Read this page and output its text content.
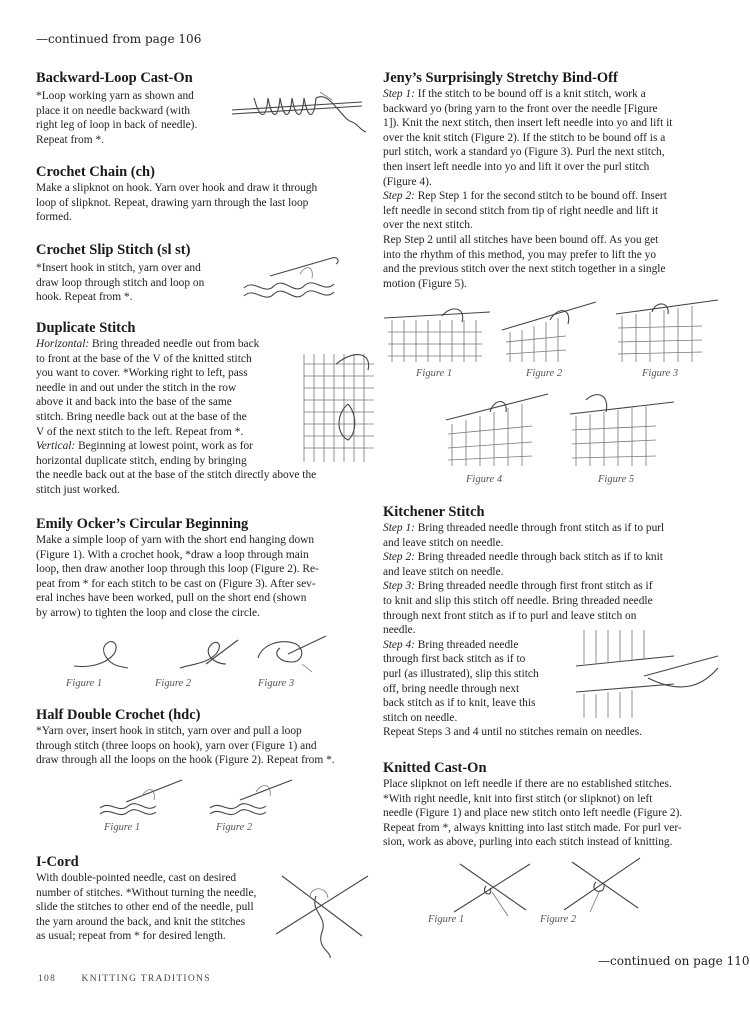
—continued from page 106
Backward-Loop Cast-On

*Loop working yarn as shown and

place it on needle backward (with

right leg of loop in back of needle).

Repeat from *.

Crochet Chain (ch)

Make a slipknot on hook. Yarn over hook and draw it through

loop of slipknot. Repeat, drawing yarn through the last loop

formed.

Crochet Slip Stitch (sl st)

*Insert hook in stitch, yarn over and

draw loop through stitch and loop on

hook. Repeat from *.

Duplicate Stitch

Horizontal: Bring threaded needle out from back

to front at the base of the V of the knitted stitch

you want to cover. *Working right to left, pass

needle in and out under the stitch in the row

above it and back into the base of the same

stitch. Bring needle back out at the base of the

V of the next stitch to the left. Repeat from *.

Vertical: Beginning at lowest point, work as for

horizontal duplicate stitch, ending by bringing

the needle back out at the base of the stitch directly above the

stitch just worked.

Emily Ocker’s Circular Beginning

Make a simple loop of yarn with the short end hanging down

(Figure 1). With a crochet hook, *draw a loop through main

loop, then draw another loop through this loop (Figure 2). Re-

peat from * for each stitch to be cast on (Figure 3). After sev-

eral inches have been worked, pull on the short end (shown

by arrow) to tighten the loop and close the circle.

Figure 1	Figure 2	Figure 3
Half Double Crochet (hdc)

*Yarn over, insert hook in stitch, yarn over and pull a loop

through stitch (three loops on hook), yarn over (Figure 1) and

draw through all the loops on the hook (Figure 2). Repeat from *.

Figure 1	Figure 2
I-Cord

With double-pointed needle, cast on desired

number of stitches. *Without turning the needle,

slide the stitches to other end of the needle, pull

the yarn around the back, and knit the stitches

as usual; repeat from * for desired length.

Jeny’s Surprisingly Stretchy Bind-Off

Step 1: If the stitch to be bound off is a knit stitch, work a

backward yo (bring yarn to the front over the needle [Figure

1]). Knit the next stitch, then insert left needle into yo and lift it

over the knit stitch (Figure 2). If the stitch to be bound off is a

purl stitch, work a standard yo (Figure 3). Purl the next stitch,

then insert left needle into yo and lift it over the purl stitch

(Figure 4).

Step 2: Rep Step 1 for the second stitch to be bound off. Insert

left needle in second stitch from tip of right needle and lift it

over the next stitch.

Rep Step 2 until all stitches have been bound off. As you get

into the rhythm of this method, you may prefer to lift the yo

and the previous stitch over the next stitch together in a single

motion (Figure 5).

Figure 1	Figure 2	Figure 3
Figure 4	Figure 5
Kitchener Stitch

Step 1: Bring threaded needle through front stitch as if to purl

and leave stitch on needle.

Step 2: Bring threaded needle through back stitch as if to knit

and leave stitch on needle.

Step 3: Bring threaded needle through first front stitch as if

to knit and slip this stitch off needle. Bring threaded needle

through next front stitch as if to purl and leave stitch on

needle.

Step 4: Bring threaded needle

through first back stitch as if to

purl (as illustrated), slip this stitch

off, bring needle through next

back stitch as if to knit, leave this

stitch on needle.

Repeat Steps 3 and 4 until no stitches remain on needles.

Knitted Cast-On

Place slipknot on left needle if there are no established stitches.

*With right needle, knit into first stitch (or slipknot) on left

needle (Figure 1) and place new stitch onto left needle (Figure 2).

Repeat from *, always knitting into last stitch made. For purl ver-

sion, work as above, purling into each stitch instead of knitting.

Figure 1	Figure 2
—continued on page 110
108	KNITTING TRADITIONS
